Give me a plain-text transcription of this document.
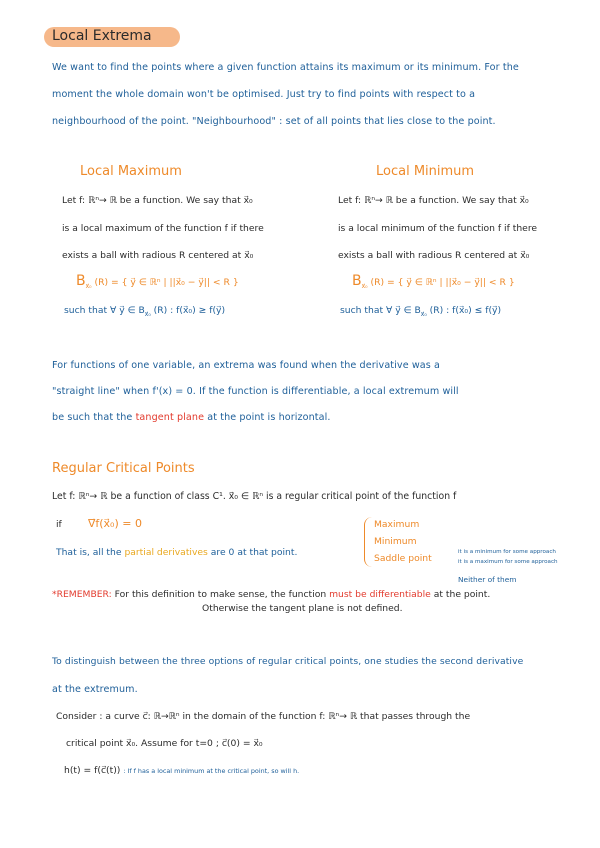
Local Extrema
We want to find the points where a given function attains its maximum or its minimum. For the
moment the whole domain won't be optimised. Just try to find points with respect to a
neighbourhood of the point. "Neighbourhood" : set of all points that lies close to the point.
Local Maximum
Let f: ℝⁿ→ ℝ be a function. We say that x⃗₀
is a local maximum of the function f if there
exists a ball with radious R centered at x⃗₀
$B_{x⃗_0}$ (R) = { y⃗ ∈ ℝⁿ | ||x⃗₀ − y⃗|| < R }
such that ∀ y⃗ ∈ $B_{x⃗_0}$ (R) : f(x⃗₀) ≥ f(y⃗)
Local Minimum
Let f: ℝⁿ→ ℝ be a function. We say that x⃗₀
is a local minimum of the function f if there
exists a ball with radious R centered at x⃗₀
$B_{x⃗_0}$ (R) = { y⃗ ∈ ℝⁿ | ||x⃗₀ − y⃗|| < R }
such that ∀ y⃗ ∈ $B_{x⃗_0}$ (R) : f(x⃗₀) ≤ f(y⃗)
For functions of one variable, an extrema was found when the derivative was a
"straight line" when f'(x) = 0. If the function is differentiable, a local extremum will
be such that the tangent plane at the point is horizontal.
Regular Critical Points
Let f: ℝⁿ→ ℝ be a function of class C¹. x⃗₀ ∈ ℝⁿ is a regular critical point of the function f
if ∇⃗f(x⃗₀) = 0
That is, all the partial derivatives are 0 at that point.
Maximum
Minimum
Saddle point
it is a minimum for some approach
it is a maximum for some approach
Neither of them
*REMEMBER: For this definition to make sense, the function must be differentiable at the point.
Otherwise the tangent plane is not defined.
To distinguish between the three options of regular critical points, one studies the second derivative
at the extremum.
Consider : a curve c⃗: ℝ→ℝⁿ in the domain of the function f: ℝⁿ→ ℝ that passes through the
critical point x⃗₀. Assume for t=0 ; c⃗(0) = x⃗₀
h(t) = f(c⃗(t)) : If f has a local minimum at the critical point, so will h.
